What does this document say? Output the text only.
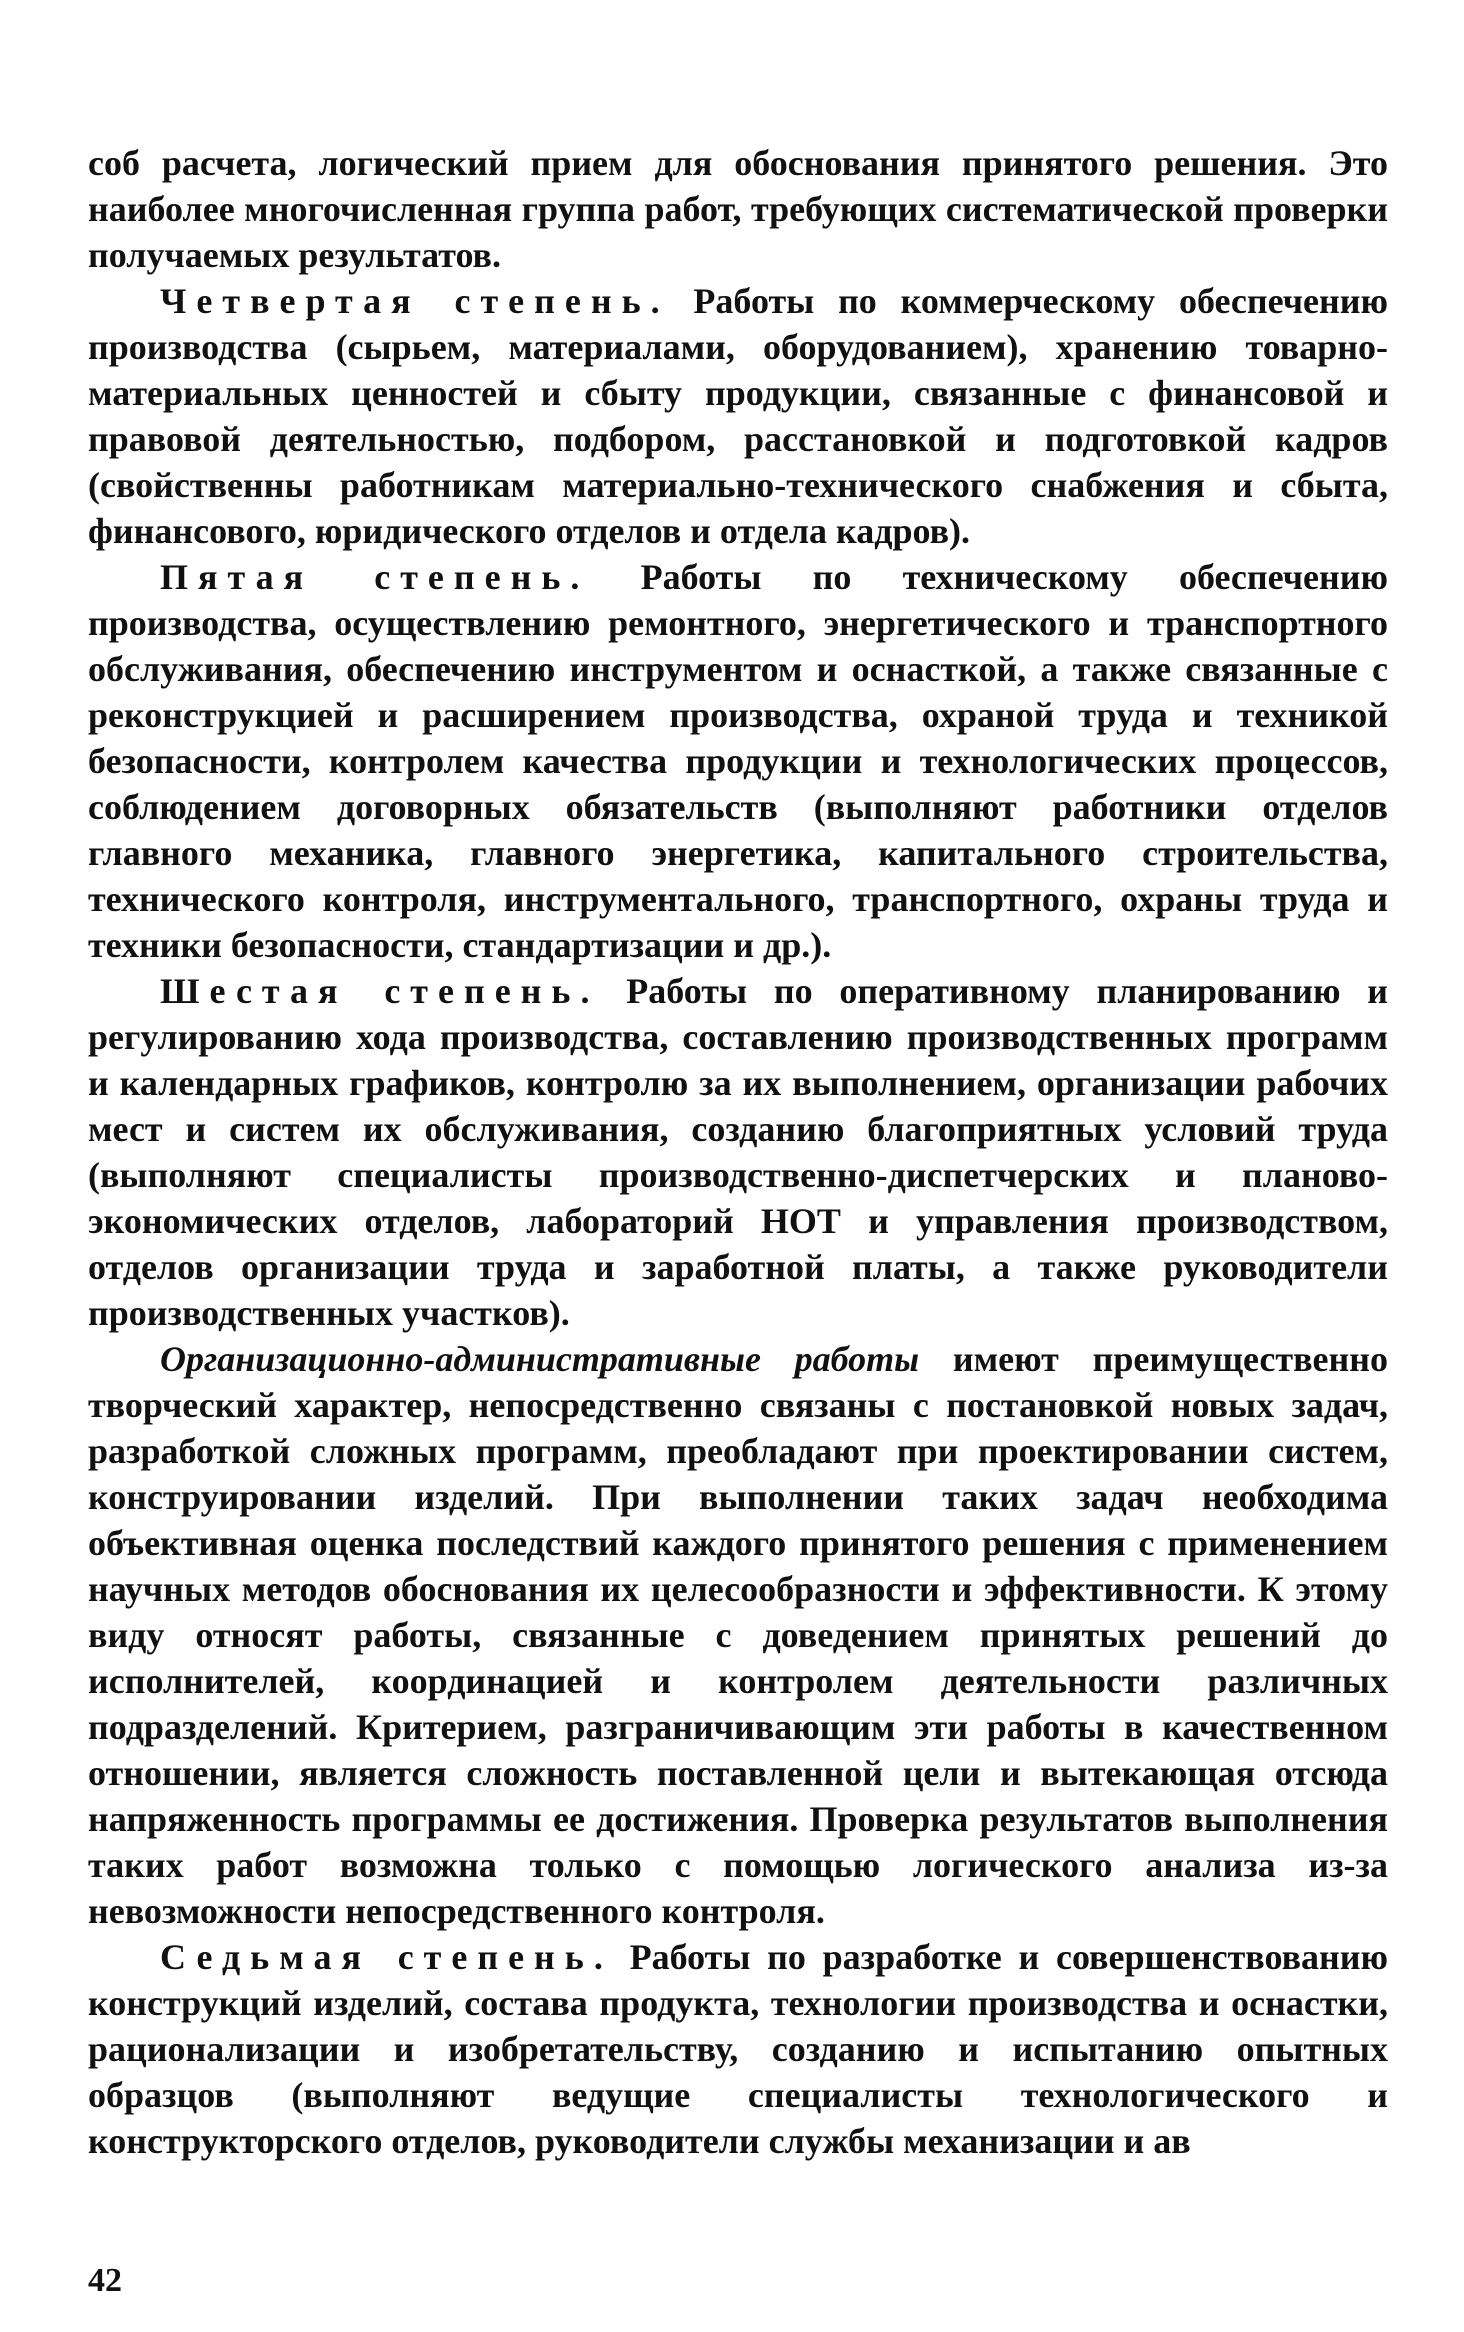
соб расчета, логический прием для обоснования принятого решения. Это наиболее многочисленная группа работ, требующих систематической проверки получаемых результатов.

Четвертая степень. Работы по коммерческому обеспечению производства (сырьем, материалами, оборудованием), хранению товарно-материальных ценностей и сбыту продукции, связанные с финансовой и правовой деятельностью, подбором, расстановкой и подготовкой кадров (свойственны работникам материально-технического снабжения и сбыта, финансового, юридического отделов и отдела кадров).

Пятая степень. Работы по техническому обеспечению производства, осуществлению ремонтного, энергетического и транспортного обслуживания, обеспечению инструментом и оснасткой, а также связанные с реконструкцией и расширением производства, охраной труда и техникой безопасности, контролем качества продукции и технологических процессов, соблюдением договорных обязательств (выполняют работники отделов главного механика, главного энергетика, капитального строительства, технического контроля, инструментального, транспортного, охраны труда и техники безопасности, стандартизации и др.).

Шестая степень. Работы по оперативному планированию и регулированию хода производства, составлению производственных программ и календарных графиков, контролю за их выполнением, организации рабочих мест и систем их обслуживания, созданию благоприятных условий труда (выполняют специалисты производственно-диспетчерских и планово-экономических отделов, лабораторий НОТ и управления производством, отделов организации труда и заработной платы, а также руководители производственных участков).

Организационно-административные работы имеют преимущественно творческий характер, непосредственно связаны с постановкой новых задач, разработкой сложных программ, преобладают при проектировании систем, конструировании изделий. При выполнении таких задач необходима объективная оценка последствий каждого принятого решения с применением научных методов обоснования их целесообразности и эффективности. К этому виду относят работы, связанные с доведением принятых решений до исполнителей, координацией и контролем деятельности различных подразделений. Критерием, разграничивающим эти работы в качественном отношении, является сложность поставленной цели и вытекающая отсюда напряженность программы ее достижения. Проверка результатов выполнения таких работ возможна только с помощью логического анализа из-за невозможности непосредственного контроля.

Седьмая степень. Работы по разработке и совершенствованию конструкций изделий, состава продукта, технологии производства и оснастки, рационализации и изобретательству, созданию и испытанию опытных образцов (выполняют ведущие специалисты технологического и конструкторского отделов, руководители службы механизации и ав

42
